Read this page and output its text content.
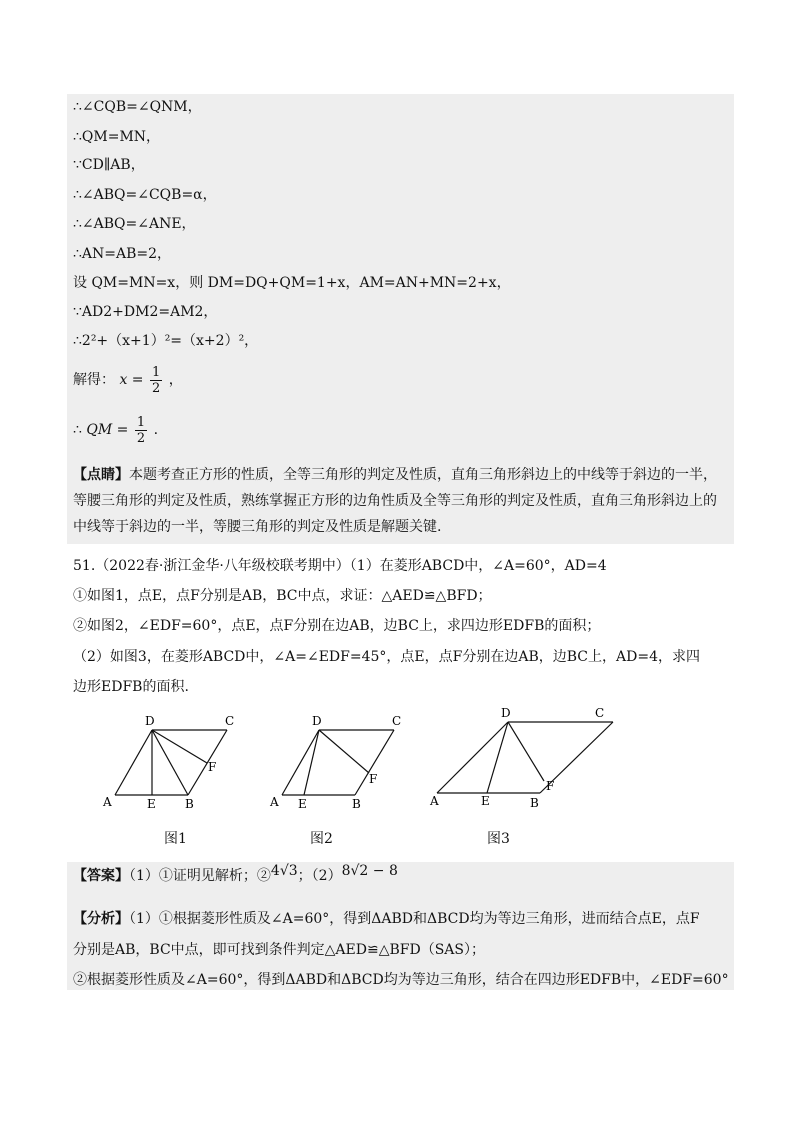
∴∠CQB=∠QNM，
∴QM=MN，
∵CD∥AB，
∴∠ABQ=∠CQB=α，
∴∠ABQ=∠ANE，
∴AN=AB=2，
设 QM=MN=x，则 DM=DQ+QM=1+x，AM=AN+MN=2+x，
∵AD2+DM2=AM2，
∴2²+（x+1）²=（x+2）²，
解得： $x = \frac{1}{2}$ ，
∴ QM = $\frac{1}{2}$ .
【点睛】本题考查正方形的性质，全等三角形的判定及性质，直角三角形斜边上的中线等于斜边的一半，等腰三角形的判定及性质，熟练掌握正方形的边角性质及全等三角形的判定及性质，直角三角形斜边上的中线等于斜边的一半，等腰三角形的判定及性质是解题关键.
51.（2022春·浙江金华·八年级校联考期中）（1）在菱形ABCD中，∠A=60°，AD=4
①如图1，点E，点F分别是AB，BC中点，求证：△AED≌△BFD；
②如图2，∠EDF=60°，点E，点F分别在边AB，边BC上，求四边形EDFB的面积；
（2）如图3，在菱形ABCD中，∠A=∠EDF=45°，点E，点F分别在边AB，边BC上，AD=4，求四
边形EDFB的面积.
D	C
F
A	E B
图1
D	C
F
A E	B
图2
D	C
F
A	E	B
图3
【答案】（1）①证明见解析；②4√3；（2）8√2 − 8
【分析】（1）①根据菱形性质及∠A=60°，得到ΔABD和ΔBCD均为等边三角形，进而结合点E，点F
分别是AB，BC中点，即可找到条件判定△AED≌△BFD（SAS）；
②根据菱形性质及∠A=60°，得到ΔABD和ΔBCD均为等边三角形，结合在四边形EDFB中，∠EDF=60°
